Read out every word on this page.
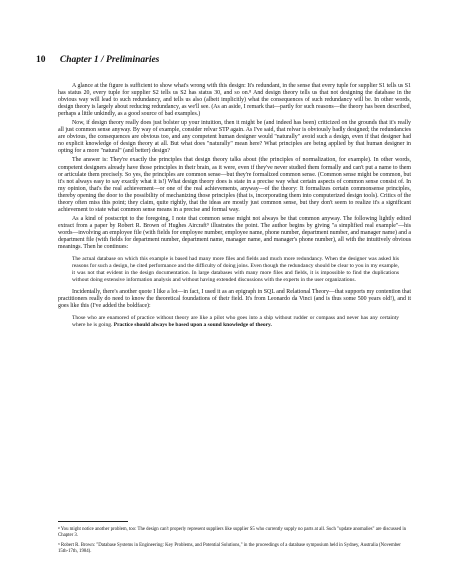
10 Chapter 1 / Preliminaries

A glance at the figure is sufficient to show what's wrong with this design: It's redundant, in the sense that every tuple for supplier S1 tells us S1 has status 20, every tuple for supplier S2 tells us S2 has status 30, and so on.⁸ And design theory tells us that not designing the database in the obvious way will lead to such redundancy, and tells us also (albeit implicitly) what the consequences of such redundancy will be. In other words, design theory is largely about reducing redundancy, as we'll see. (As an aside, I remark that—partly for such reasons—the theory has been described, perhaps a little unkindly, as a good source of bad examples.)

Now, if design theory really does just bolster up your intuition, then it might be (and indeed has been) criticized on the grounds that it's really all just common sense anyway. By way of example, consider relvar STP again. As I've said, that relvar is obviously badly designed; the redundancies are obvious, the consequences are obvious too, and any competent human designer would "naturally" avoid such a design, even if that designer had no explicit knowledge of design theory at all. But what does "naturally" mean here? What principles are being applied by that human designer in opting for a more "natural" (and better) design?

The answer is: They're exactly the principles that design theory talks about (the principles of normalization, for example). In other words, competent designers already have those principles in their brain, as it were, even if they've never studied them formally and can't put a name to them or articulate them precisely. So yes, the principles are common sense—but they're formalized common sense. (Common sense might be common, but it's not always easy to say exactly what it is!) What design theory does is state in a precise way what certain aspects of common sense consist of. In my opinion, that's the real achievement—or one of the real achievements, anyway—of the theory: It formalizes certain commonsense principles, thereby opening the door to the possibility of mechanizing those principles (that is, incorporating them into computerized design tools). Critics of the theory often miss this point; they claim, quite rightly, that the ideas are mostly just common sense, but they don't seem to realize it's a significant achievement to state what common sense means in a precise and formal way.

As a kind of postscript to the foregoing, I note that common sense might not always be that common anyway. The following lightly edited extract from a paper by Robert R. Brown of Hughes Aircraft⁹ illustrates the point. The author begins by giving "a simplified real example"—his words—involving an employee file (with fields for employee number, employee name, phone number, department number, and manager name) and a department file (with fields for department number, department name, manager name, and manager's phone number), all with the intuitively obvious meanings. Then he continues:

The actual database on which this example is based had many more files and fields and much more redundancy. When the designer was asked his reasons for such a design, he cited performance and the difficulty of doing joins. Even though the redundancy should be clear to you in my example, it was not that evident in the design documentation. In large databases with many more files and fields, it is impossible to find the duplications without doing extensive information analysis and without having extended discussions with the experts in the user organizations.

Incidentally, there's another quote I like a lot—in fact, I used it as an epigraph in SQL and Relational Theory—that supports my contention that practitioners really do need to know the theoretical foundations of their field. It's from Leonardo da Vinci (and is thus some 500 years old!), and it goes like this (I've added the boldface):

Those who are enamored of practice without theory are like a pilot who goes into a ship without rudder or compass and never has any certainty where he is going. Practice should always be based upon a sound knowledge of theory.

⁸ You might notice another problem, too: The design can't properly represent suppliers like supplier S5 who currently supply no parts at all. Such "update anomalies" are discussed in Chapter 3.

⁹ Robert R. Brown: "Database Systems in Engineering: Key Problems, and Potential Solutions," in the proceedings of a database symposium held in Sydney, Australia (November 15th-17th, 1984).
